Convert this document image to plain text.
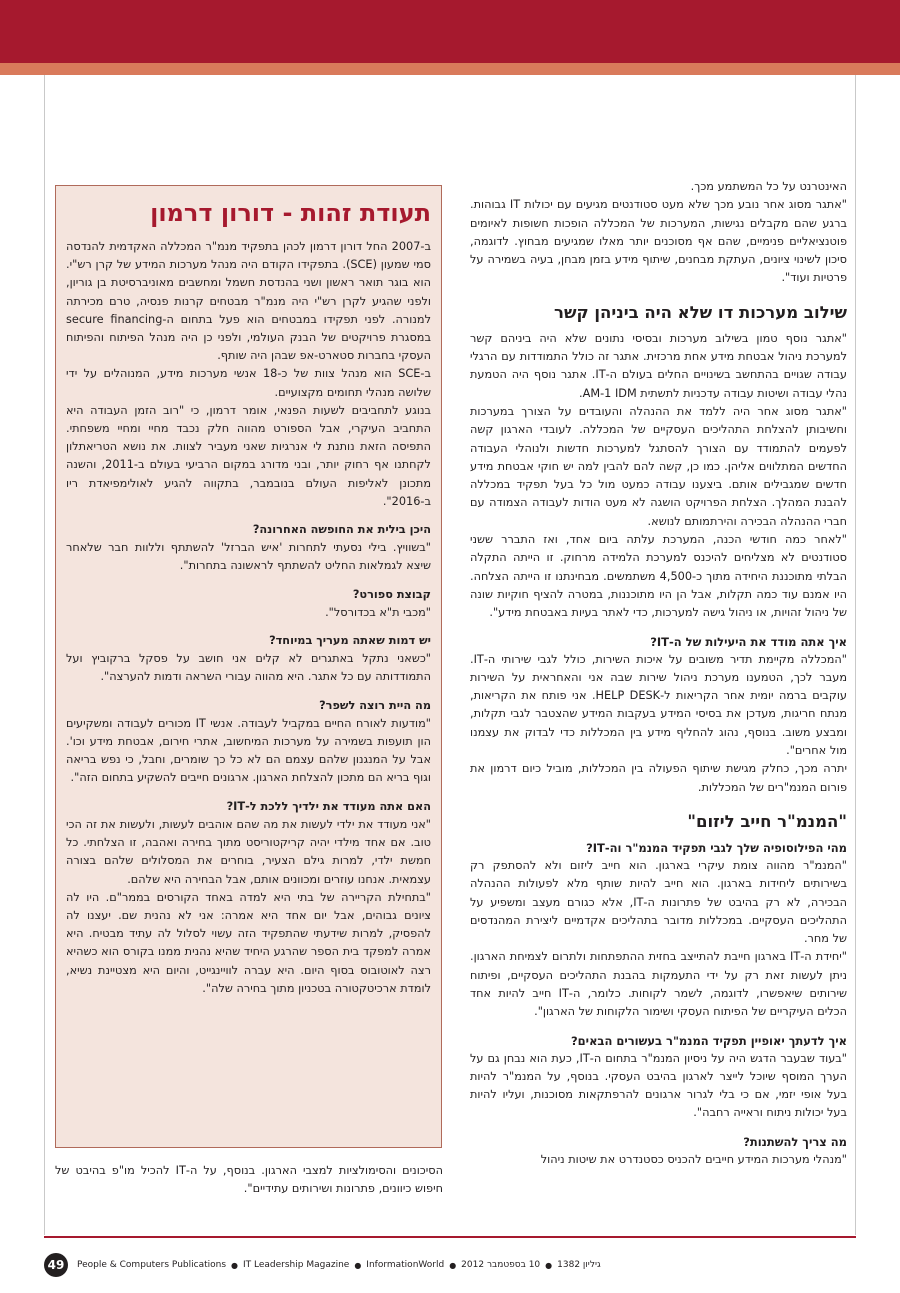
האינטרנט על כל המשתמע מכך.

"אתגר מסוג אחר נובע מכך שלא מעט סטודנטים מגיעים עם יכולות IT גבוהות. ברגע שהם מקבלים נגישות, המערכות של המכללה הופכות חשופות לאיומים פוטנציאליים פנימיים, שהם אף מסוכנים יותר מאלו שמגיעים מבחוץ. לדוגמה, סיכון לשינוי ציונים, העתקת מבחנים, שיתוף מידע בזמן מבחן, בעיה בשמירה על פרטיות ועוד".

שילוב מערכות דו שלא היה ביניהן קשר

"אתגר נוסף טמון בשילוב מערכות ובסיסי נתונים שלא היה ביניהם קשר למערכת ניהול אבטחת מידע אחת מרכזית. אתגר זה כולל התמודדות עם הרגלי עבודה שגויים בהתחשב בשינויים החלים בעולם ה-IT. אתגר נוסף היה הטמעת נהלי עבודה ושיטות עבודה עדכניות לתשתית AM-1 IDM.

"אתגר מסוג אחר היה ללמד את ההנהלה והעובדים על הצורך במערכות וחשיבותן להצלחת התהליכים העסקיים של המכללה. לעובדי הארגון קשה לפעמים להתמודד עם הצורך להסתגל למערכות חדשות ולנוהלי העבודה החדשים המתלווים אליהן. כמו כן, קשה להם להבין למה יש חוקי אבטחת מידע חדשים שמגבילים אותם. ביצענו עבודה כמעט מול כל בעל תפקיד במכללה להבנת המהלך. הצלחת הפרויקט הושגה לא מעט הודות לעבודה הצמודה עם חברי ההנהלה הבכירה והירתמותם לנושא.

"לאחר כמה חודשי הכנה, המערכת עלתה ביום אחד, ואז התברר ששני סטודנטים לא מצליחים להיכנס למערכת הלמידה מרחוק. זו הייתה התקלה הבלתי מתוכננת היחידה מתוך כ-4,500 משתמשים. מבחינתנו זו הייתה הצלחה. היו אמנם עוד כמה תקלות, אבל הן היו מתוכננות, במטרה להציף חוקיות שונה של ניהול זהויות, או ניהול גישה למערכות, כדי לאתר בעיות באבטחת מידע".

איך אתה מודד את היעילות של ה-IT?

"המכללה מקיימת תדיר משובים על איכות השירות, כולל לגבי שירותי ה-IT. מעבר לכך, הטמענו מערכת ניהול שירות שבה אני והאחראית על השירות עוקבים ברמה יומית אחר הקריאות ל-HELP DESK. אני פותח את הקריאות, מנתח חריגות, מעדכן את בסיסי המידע בעקבות המידע שהצטבר לגבי תקלות, ומבצע משוב. בנוסף, נהוג להחליף מידע בין המכללות כדי לבדוק את עצמנו מול אחרים".

יתרה מכך, כחלק מגישת שיתוף הפעולה בין המכללות, מוביל כיום דרמון את פורום המנמ"רים של המכללות.

"המנמ"ר חייב ליזום"
מהי הפילוסופיה שלך לגבי תפקיד המנמ"ר וה-IT?

"המנמ"ר מהווה צומת עיקרי בארגון. הוא חייב ליזום ולא להסתפק רק בשירותים ליחידות בארגון. הוא חייב להיות שותף מלא לפעולות ההנהלה הבכירה, לא רק בהיבט של פתרונות ה-IT, אלא כגורם מעצב ומשפיע על התהליכים העסקיים. במכללות מדובר בתהליכים אקדמיים ליצירת המהנדסים של מחר.

"יחידת ה-IT בארגון חייבת להתייצב בחזית ההתפתחות ולתרום לצמיחת הארגון. ניתן לעשות זאת רק על ידי התעמקות בהבנת התהליכים העסקיים, ופיתוח שירותים שיאפשרו, לדוגמה, לשמר לקוחות. כלומר, ה-IT חייב להיות אחד הכלים העיקריים של הפיתוח העסקי ושימור הלקוחות של הארגון".

איך לדעתך יאופיין תפקיד המנמ"ר בעשורים הבאים?

"בעוד שבעבר הדגש היה על ניסיון המנמ"ר בתחום ה-IT, כעת הוא נבחן גם על הערך המוסף שיוכל לייצר לארגון בהיבט העסקי. בנוסף, על המנמ"ר להיות בעל אופי יזמי, אם כי בלי לגרור ארגונים להרפתקאות מסוכנות, ועליו להיות בעל יכולות ניתוח וראייה רחבה".

מה צריך להשתנות?

"מנהלי מערכות המידע חייבים להכניס כסטנדרט את שיטות ניהול

תעודת זהות - דורון דרמון

ב-2007 החל דורון דרמון לכהן בתפקיד מנמ"ר המכללה האקדמית להנדסה סמי שמעון (SCE). בתפקידו הקודם היה מנהל מערכות המידע של קרן רש"י. הוא בוגר תואר ראשון ושני בהנדסת חשמל ומחשבים מאוניברסיטת בן גוריון, ולפני שהגיע לקרן רש"י היה מנמ"ר מבטחים קרנות פנסיה, טרם מכירתה למנורה. לפני תפקידו במבטחים הוא פעל בתחום ה-secure financing במסגרת פרויקטים של הבנק העולמי, ולפני כן היה מנהל הפיתוח והפיתוח העסקי בחברות סטארט-אפ שבהן היה שותף.

ב-SCE הוא מנהל צוות של כ-18 אנשי מערכות מידע, המנוהלים על ידי שלושה מנהלי תחומים מקצועיים.

בנוגע לתחביבים לשעות הפנאי, אומר דרמון, כי "רוב הזמן העבודה היא התחביב העיקרי, אבל הספורט מהווה חלק נכבד מחיי ומחיי משפחתי. התפיסה הזאת נותנת לי אנרגיות שאני מעביר לצוות. את נושא הטריאתלון לקחתנו אף רחוק יותר, ובני מדורג במקום הרביעי בעולם ב-2011, והשנה מתכונן לאליפות העולם בנובמבר, בתקווה להגיע לאולימפיאדת ריו ב-2016".

היכן בילית את החופשה האחרונה?

"בשוויץ. בילי נסעתי לתחרות 'איש הברזל' להשתתף וללוות חבר שלאחר שיצא לגמלאות החליט להשתתף לראשונה בתחרות".

קבוצת ספורט?

"מכבי ת"א בכדורסל".

יש דמות שאתה מעריך במיוחד?

"כשאני נתקל באתגרים לא קלים אני חושב על פסקל ברקוביץ ועל התמודדותה עם כל אתגר. היא מהווה עבורי השראה ודמות להערצה".

מה היית רוצה לשפר?

"מודעות לאורח החיים במקביל לעבודה. אנשי IT מכורים לעבודה ומשקיעים הון תועפות בשמירה על מערכות המיחשוב, אתרי חירום, אבטחת מידע וכו'. אבל על המנגנון שלהם עצמם הם לא כל כך שומרים, וחבל, כי נפש בריאה וגוף בריא הם מתכון להצלחת הארגון. ארגונים חייבים להשקיע בתחום הזה".

האם אתה מעודד את ילדיך ללכת ל-IT?

"אני מעודד את ילדי לעשות את מה שהם אוהבים לעשות, ולעשות את זה הכי טוב. אם אחד מילדי יהיה קריקטוריסט מתוך בחירה ואהבה, זו הצלחתי. כל חמשת ילדי, למרות גילם הצעיר, בוחרים את המסלולים שלהם בצורה עצמאית. אנחנו עוזרים ומכוונים אותם, אבל הבחירה היא שלהם.

"בתחילת הקריירה של בתי היא למדה באחד הקורסים בממר"ם. היו לה ציונים גבוהים, אבל יום אחד היא אמרה: אני לא נהנית שם. יעצנו לה להפסיק, למרות שידעתי שהתפקיד הזה עשוי לסלול לה עתיד מבטיח. היא אמרה למפקד בית הספר שהרגע היחיד שהיא נהנית ממנו בקורס הוא כשהיא רצה לאוטובוס בסוף היום. היא עברה לוויינגייט, והיום היא מצטיינת נשיא, לומדת ארכיטקטורה בטכניון מתוך בחירה שלה".

הסיכונים והסימולציות למצבי הארגון. בנוסף, על ה-IT להכיל מו"פ בהיבט של חיפוש כיוונים, פתרונות ושירותים עתידיים".

49	People & Computers Publications ● IT Leadership Magazine ● InformationWorld ● 10 בספטמבר 2012 ● גיליון 1382
